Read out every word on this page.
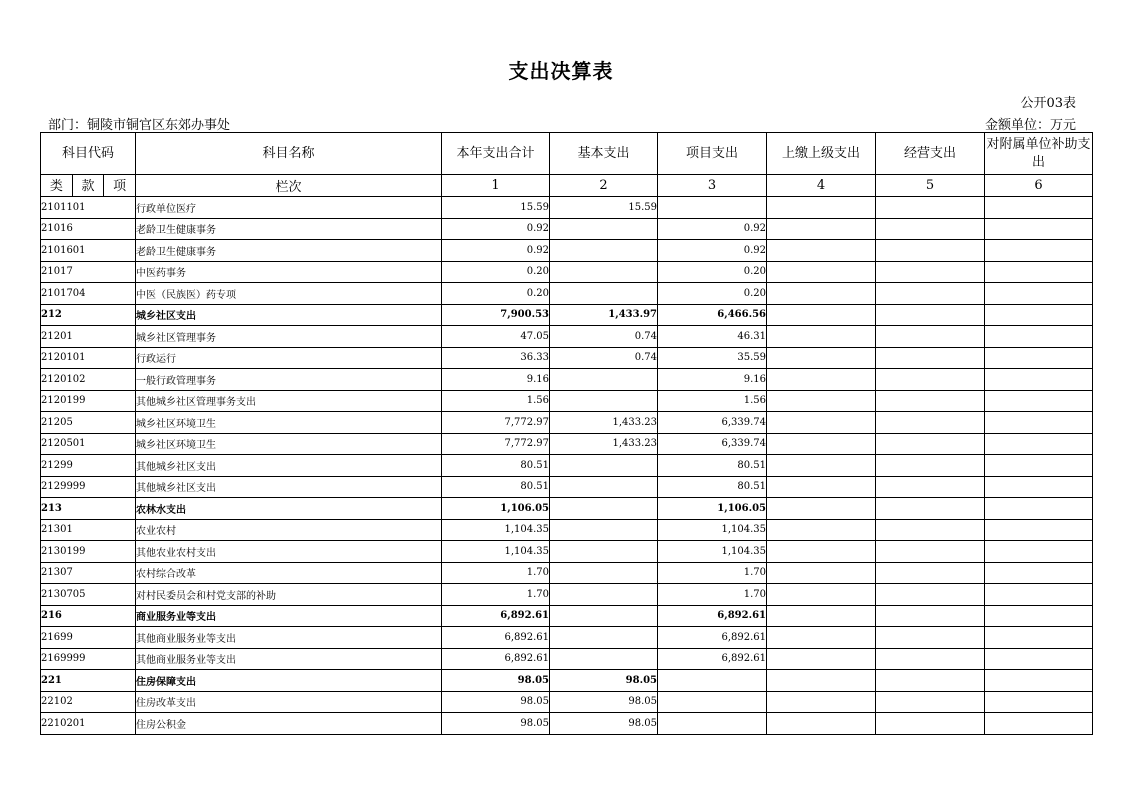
支出决算表
公开03表
部门：铜陵市铜官区东郊办事处	金额单位：万元
科目代码	科目名称	本年支出合计	基本支出	项目支出	上缴上级支出	经营支出	对附属单位补助支出

类 款 项	栏次	1	2	3	4	5	6
2101101	行政单位医疗	15.59	15.59				
21016	老龄卫生健康事务	0.92		0.92			
2101601	老龄卫生健康事务	0.92		0.92			
21017	中医药事务	0.20		0.20			
2101704	中医（民族医）药专项	0.20		0.20			
212	城乡社区支出	7,900.53	1,433.97	6,466.56			
21201	城乡社区管理事务	47.05	0.74	46.31			
2120101	行政运行	36.33	0.74	35.59			
2120102	一般行政管理事务	9.16		9.16			
2120199	其他城乡社区管理事务支出	1.56		1.56			
21205	城乡社区环境卫生	7,772.97	1,433.23	6,339.74			
2120501	城乡社区环境卫生	7,772.97	1,433.23	6,339.74			
21299	其他城乡社区支出	80.51		80.51			
2129999	其他城乡社区支出	80.51		80.51			
213	农林水支出	1,106.05		1,106.05			
21301	农业农村	1,104.35		1,104.35			
2130199	其他农业农村支出	1,104.35		1,104.35			
21307	农村综合改革	1.70		1.70			
2130705	对村民委员会和村党支部的补助	1.70		1.70			
216	商业服务业等支出	6,892.61		6,892.61			
21699	其他商业服务业等支出	6,892.61		6,892.61			
2169999	其他商业服务业等支出	6,892.61		6,892.61			
221	住房保障支出	98.05	98.05				
22102	住房改革支出	98.05	98.05				
2210201	住房公积金	98.05	98.05				
